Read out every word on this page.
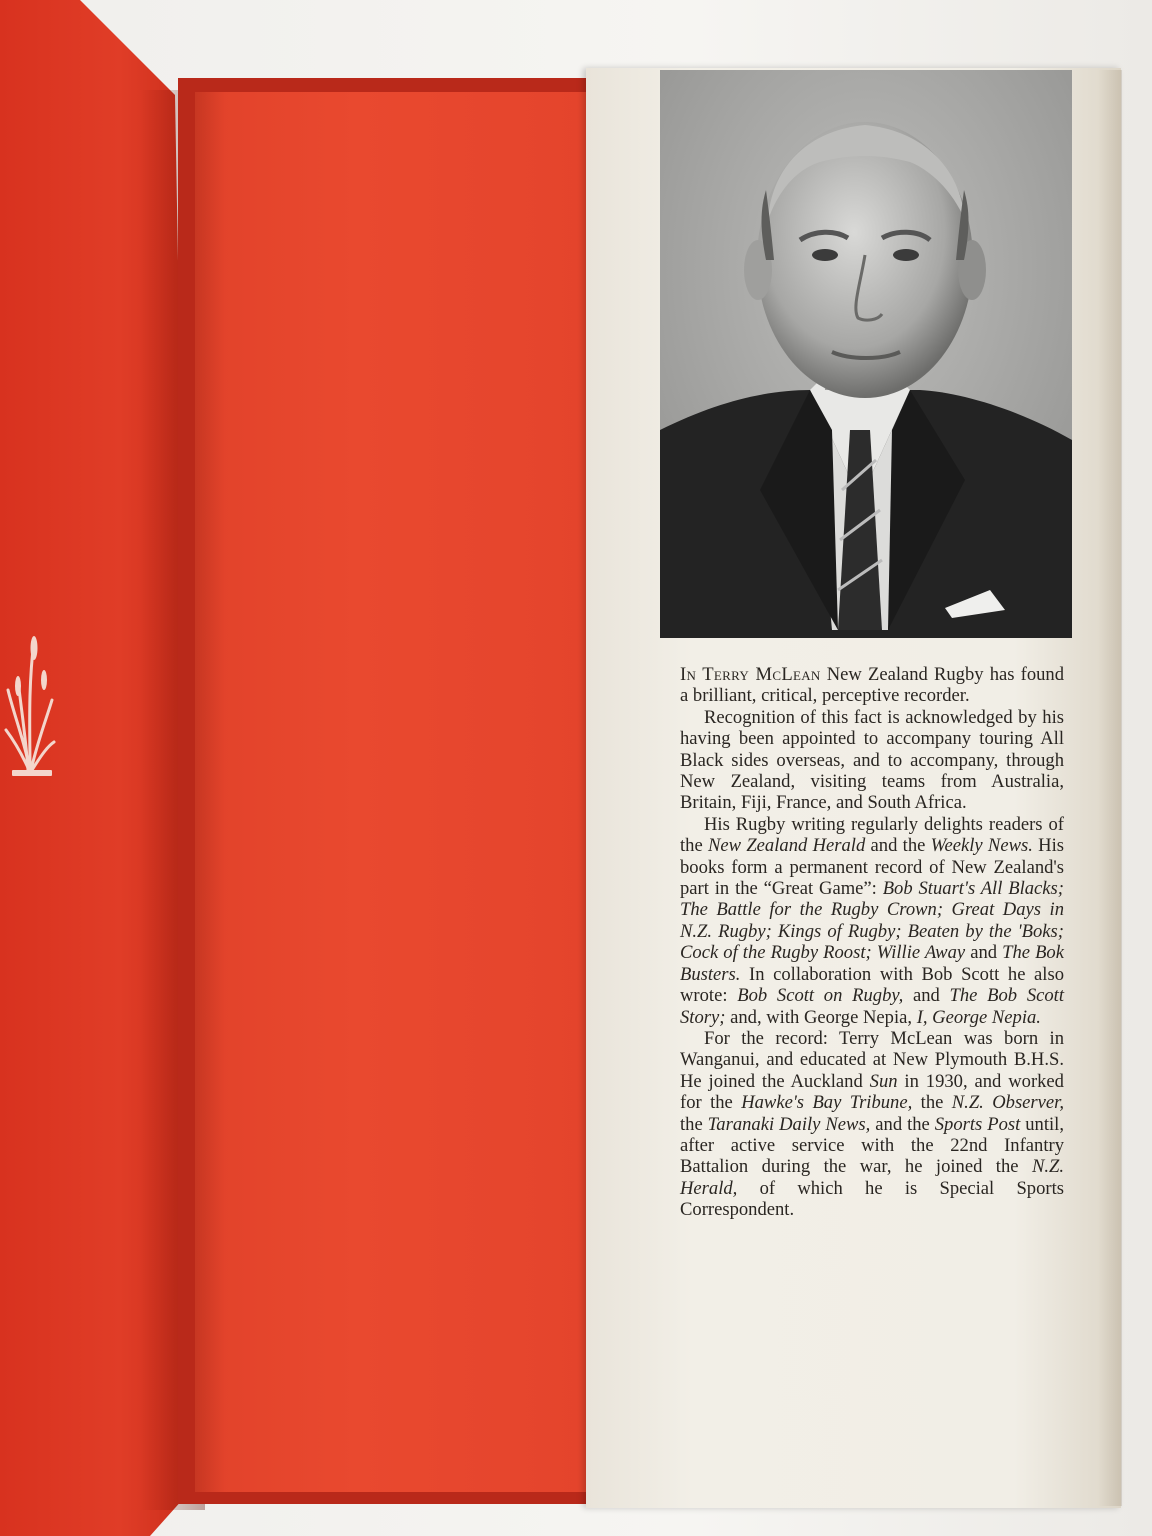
In Terry McLean New Zealand Rugby has found a brilliant, critical, perceptive recorder.

Recognition of this fact is acknowledged by his having been appointed to accompany touring All Black sides overseas, and to accompany, through New Zealand, visiting teams from Australia, Britain, Fiji, France, and South Africa.

His Rugby writing regularly delights readers of the New Zealand Herald and the Weekly News. His books form a permanent record of New Zealand's part in the “Great Game”: Bob Stuart's All Blacks; The Battle for the Rugby Crown; Great Days in N.Z. Rugby; Kings of Rugby; Beaten by the 'Boks; Cock of the Rugby Roost; Willie Away and The Bok Busters. In collaboration with Bob Scott he also wrote: Bob Scott on Rugby, and The Bob Scott Story; and, with George Nepia, I, George Nepia.

For the record: Terry McLean was born in Wanganui, and educated at New Plymouth B.H.S. He joined the Auckland Sun in 1930, and worked for the Hawke's Bay Tribune, the N.Z. Observer, the Taranaki Daily News, and the Sports Post until, after active service with the 22nd Infantry Battalion during the war, he joined the N.Z. Herald, of which he is Special Sports Correspondent.
